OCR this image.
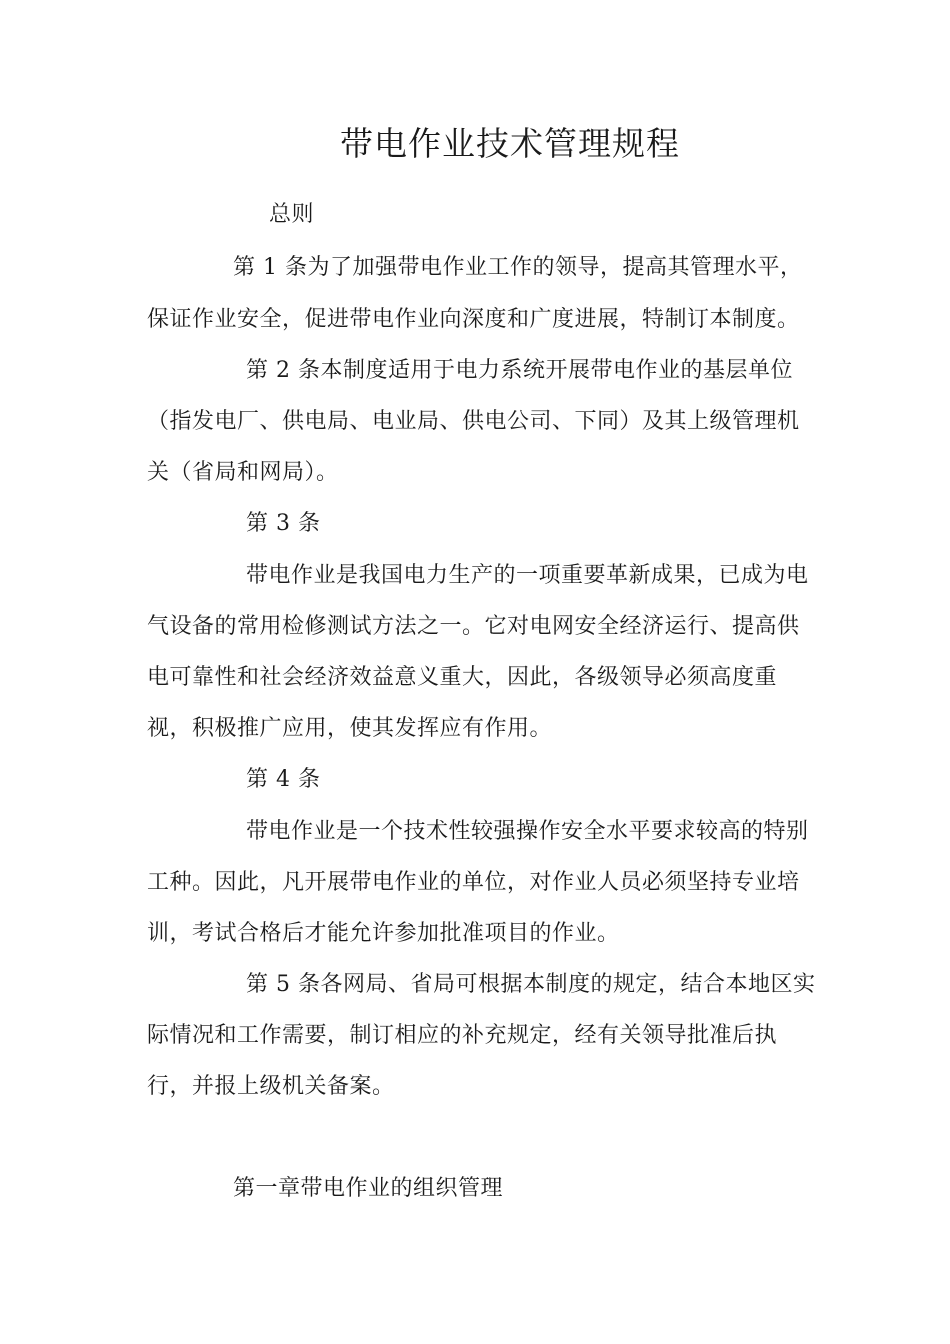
带电作业技术管理规程
总则
第 1 条为了加强带电作业工作的领导，提高其管理水平，
保证作业安全，促进带电作业向深度和广度进展，特制订本制度。
第 2 条本制度适用于电力系统开展带电作业的基层单位
（指发电厂、供电局、电业局、供电公司、下同）及其上级管理机
关（省局和网局）。
第 3 条
带电作业是我国电力生产的一项重要革新成果，已成为电
气设备的常用检修测试方法之一。它对电网安全经济运行、提高供
电可靠性和社会经济效益意义重大，因此，各级领导必须高度重
视，积极推广应用，使其发挥应有作用。
第 4 条
带电作业是一个技术性较强操作安全水平要求较高的特别
工种。因此，凡开展带电作业的单位，对作业人员必须坚持专业培
训，考试合格后才能允许参加批准项目的作业。
第 5 条各网局、省局可根据本制度的规定，结合本地区实
际情况和工作需要，制订相应的补充规定，经有关领导批准后执
行，并报上级机关备案。
第一章带电作业的组织管理
